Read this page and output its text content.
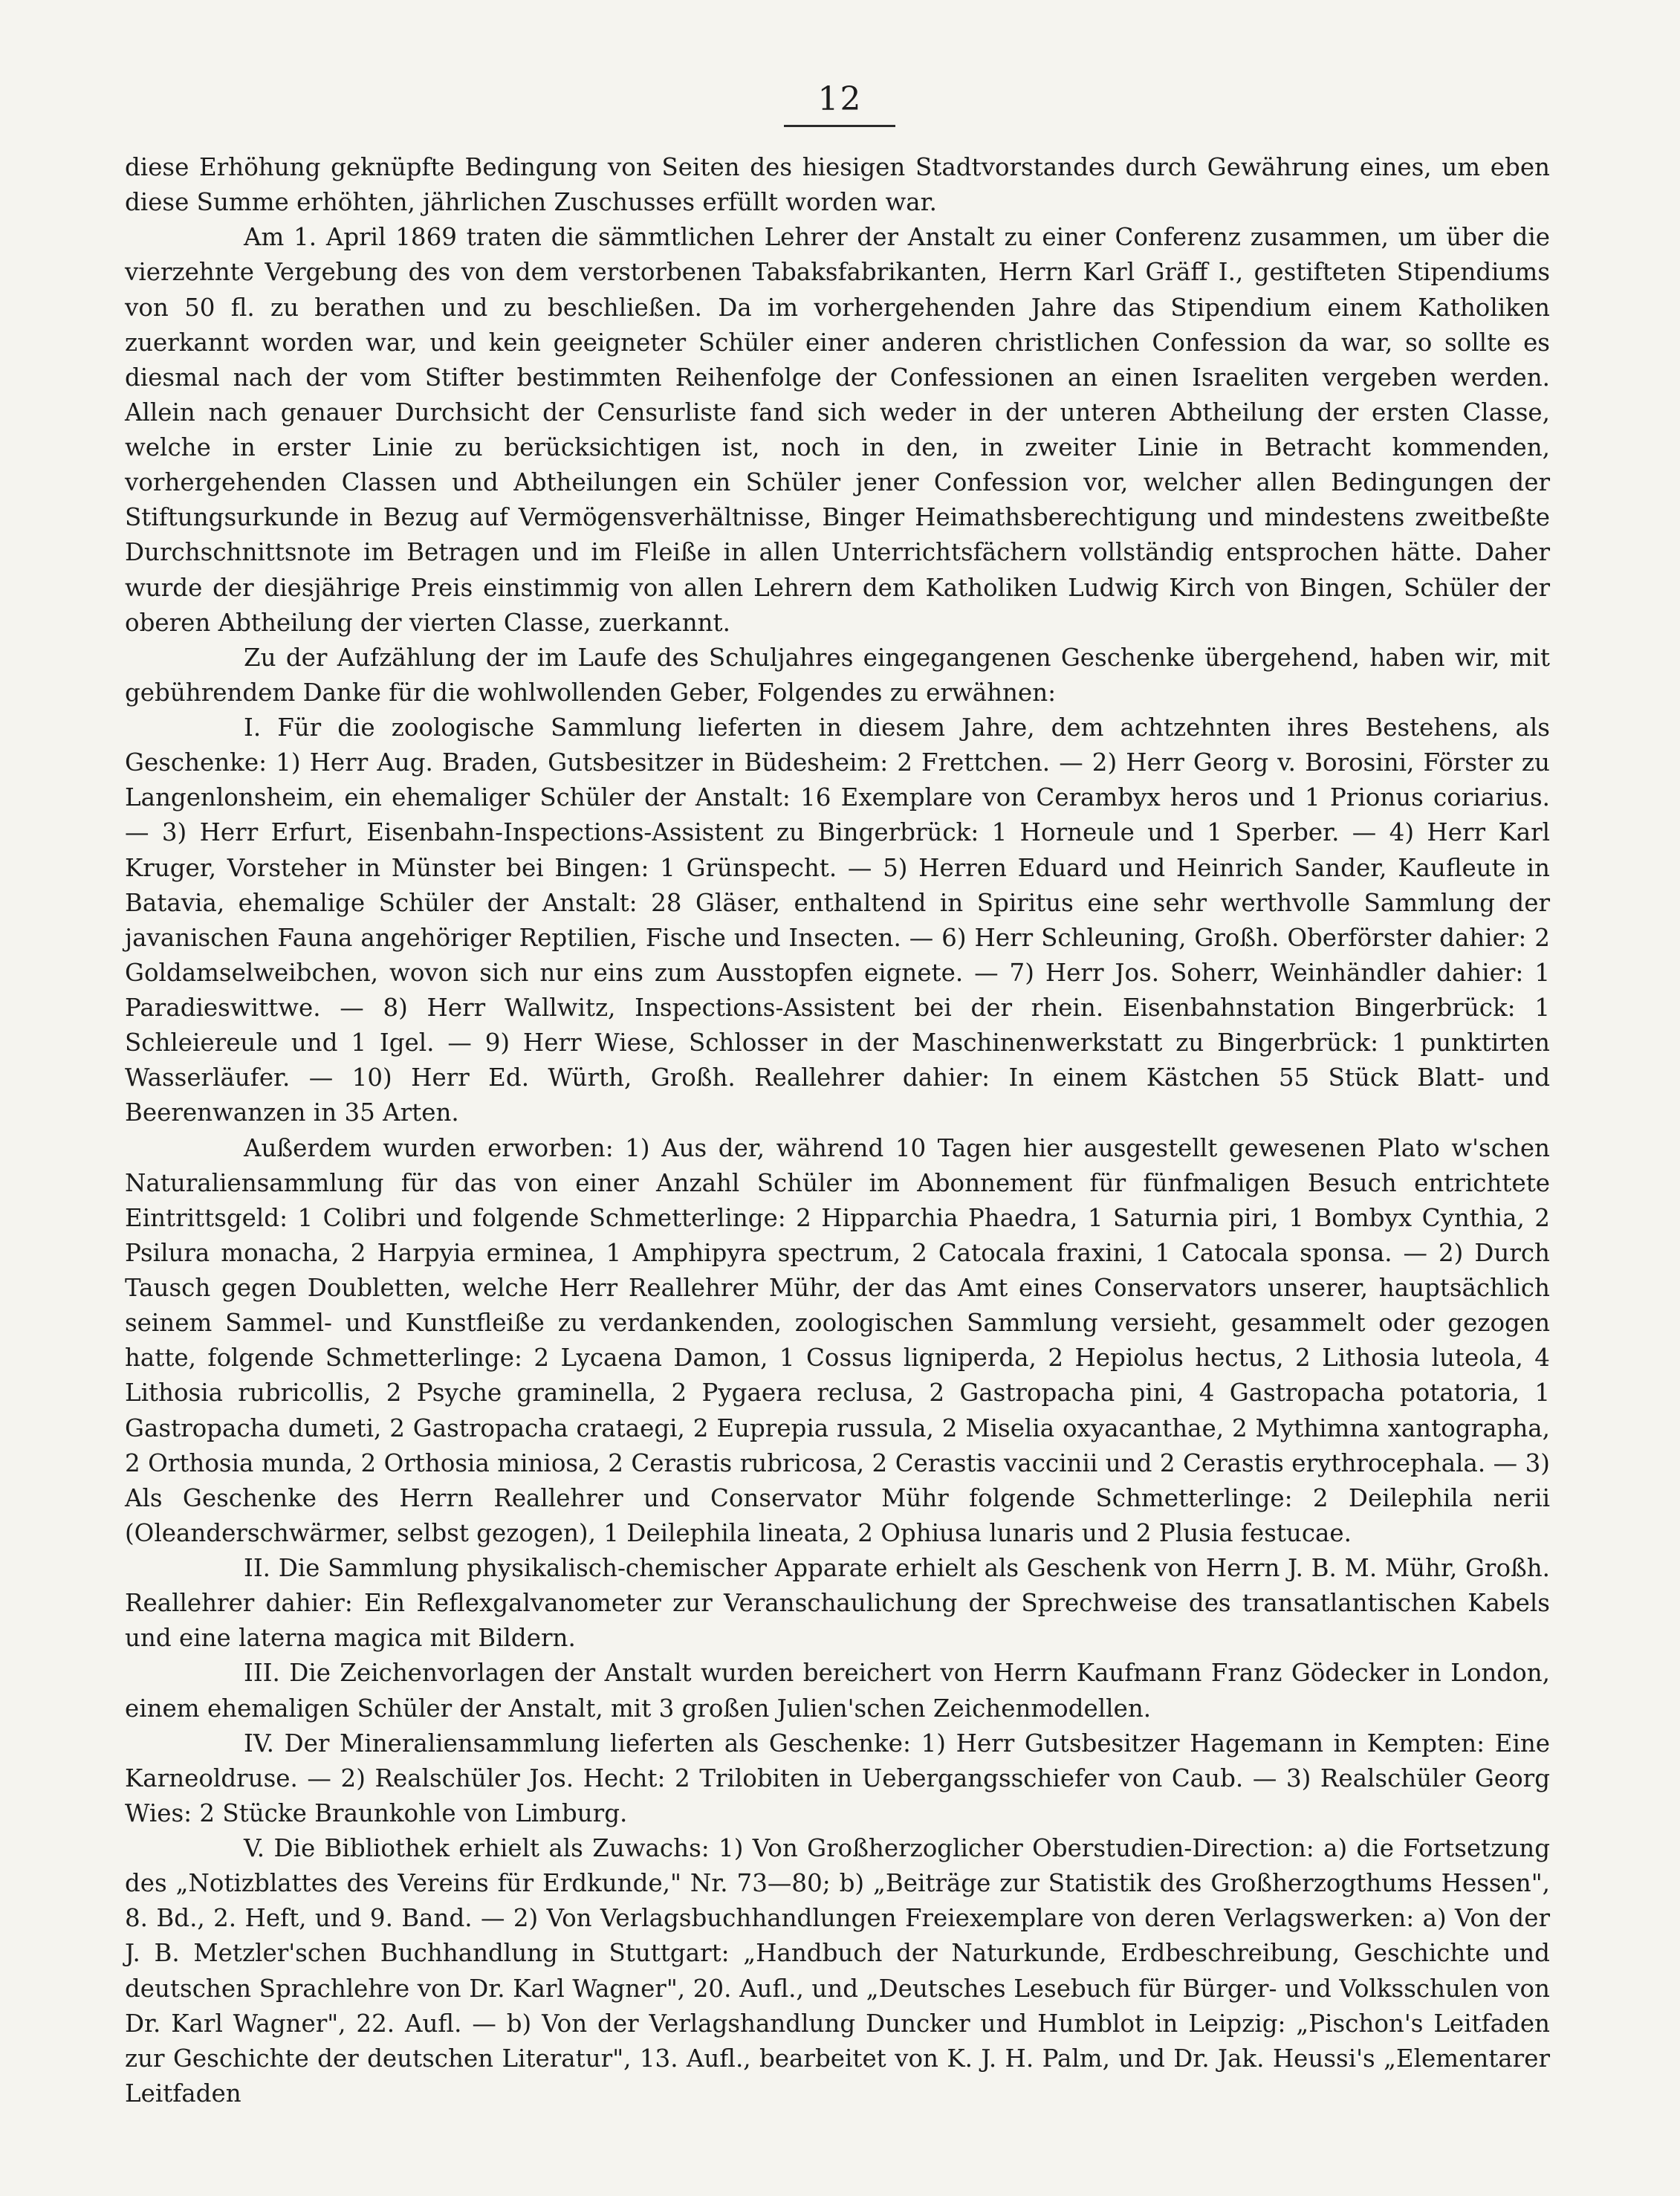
12

diese Erhöhung geknüpfte Bedingung von Seiten des hiesigen Stadtvorstandes durch Gewährung eines, um eben diese Summe erhöhten, jährlichen Zuschusses erfüllt worden war.

Am 1. April 1869 traten die sämmtlichen Lehrer der Anstalt zu einer Conferenz zusammen, um über die vierzehnte Vergebung des von dem verstorbenen Tabaksfabrikanten, Herrn Karl Gräff I., gestifteten Stipendiums von 50 fl. zu berathen und zu beschließen. Da im vorhergehenden Jahre das Stipendium einem Katholiken zuerkannt worden war, und kein geeigneter Schüler einer anderen christlichen Confession da war, so sollte es diesmal nach der vom Stifter bestimmten Reihenfolge der Confessionen an einen Israeliten vergeben werden. Allein nach genauer Durchsicht der Censurliste fand sich weder in der unteren Abtheilung der ersten Classe, welche in erster Linie zu berücksichtigen ist, noch in den, in zweiter Linie in Betracht kommenden, vorhergehenden Classen und Abtheilungen ein Schüler jener Confession vor, welcher allen Bedingungen der Stiftungsurkunde in Bezug auf Vermögensverhältnisse, Binger Heimathsberechtigung und mindestens zweitbeßte Durchschnittsnote im Betragen und im Fleiße in allen Unterrichtsfächern vollständig entsprochen hätte. Daher wurde der diesjährige Preis einstimmig von allen Lehrern dem Katholiken Ludwig Kirch von Bingen, Schüler der oberen Abtheilung der vierten Classe, zuerkannt.

Zu der Aufzählung der im Laufe des Schuljahres eingegangenen Geschenke übergehend, haben wir, mit gebührendem Danke für die wohlwollenden Geber, Folgendes zu erwähnen:

I. Für die zoologische Sammlung lieferten in diesem Jahre, dem achtzehnten ihres Bestehens, als Geschenke: 1) Herr Aug. Braden, Gutsbesitzer in Büdesheim: 2 Frettchen. — 2) Herr Georg v. Borosini, Förster zu Langenlonsheim, ein ehemaliger Schüler der Anstalt: 16 Exemplare von Cerambyx heros und 1 Prionus coriarius. — 3) Herr Erfurt, Eisenbahn-Inspections-Assistent zu Bingerbrück: 1 Horneule und 1 Sperber. — 4) Herr Karl Kruger, Vorsteher in Münster bei Bingen: 1 Grünspecht. — 5) Herren Eduard und Heinrich Sander, Kaufleute in Batavia, ehemalige Schüler der Anstalt: 28 Gläser, enthaltend in Spiritus eine sehr werthvolle Sammlung der javanischen Fauna angehöriger Reptilien, Fische und Insecten. — 6) Herr Schleuning, Großh. Oberförster dahier: 2 Goldamselweibchen, wovon sich nur eins zum Ausstopfen eignete. — 7) Herr Jos. Soherr, Weinhändler dahier: 1 Paradieswittwe. — 8) Herr Wallwitz, Inspections-Assistent bei der rhein. Eisenbahnstation Bingerbrück: 1 Schleiereule und 1 Igel. — 9) Herr Wiese, Schlosser in der Maschinenwerkstatt zu Bingerbrück: 1 punktirten Wasserläufer. — 10) Herr Ed. Würth, Großh. Reallehrer dahier: In einem Kästchen 55 Stück Blatt- und Beerenwanzen in 35 Arten.

Außerdem wurden erworben: 1) Aus der, während 10 Tagen hier ausgestellt gewesenen Plato w'schen Naturaliensammlung für das von einer Anzahl Schüler im Abonnement für fünfmaligen Besuch entrichtete Eintrittsgeld: 1 Colibri und folgende Schmetterlinge: 2 Hipparchia Phaedra, 1 Saturnia piri, 1 Bombyx Cynthia, 2 Psilura monacha, 2 Harpyia erminea, 1 Amphipyra spectrum, 2 Catocala fraxini, 1 Catocala sponsa. — 2) Durch Tausch gegen Doubletten, welche Herr Reallehrer Mühr, der das Amt eines Conservators unserer, hauptsächlich seinem Sammel- und Kunstfleiße zu verdankenden, zoologischen Sammlung versieht, gesammelt oder gezogen hatte, folgende Schmetterlinge: 2 Lycaena Damon, 1 Cossus ligniperda, 2 Hepiolus hectus, 2 Lithosia luteola, 4 Lithosia rubricollis, 2 Psyche graminella, 2 Pygaera reclusa, 2 Gastropacha pini, 4 Gastropacha potatoria, 1 Gastropacha dumeti, 2 Gastropacha crataegi, 2 Euprepia russula, 2 Miselia oxyacanthae, 2 Mythimna xantographa, 2 Orthosia munda, 2 Orthosia miniosa, 2 Cerastis rubricosa, 2 Cerastis vaccinii und 2 Cerastis erythrocephala. — 3) Als Geschenke des Herrn Reallehrer und Conservator Mühr folgende Schmetterlinge: 2 Deilephila nerii (Oleanderschwärmer, selbst gezogen), 1 Deilephila lineata, 2 Ophiusa lunaris und 2 Plusia festucae.

II. Die Sammlung physikalisch-chemischer Apparate erhielt als Geschenk von Herrn J. B. M. Mühr, Großh. Reallehrer dahier: Ein Reflexgalvanometer zur Veranschaulichung der Sprechweise des transatlantischen Kabels und eine laterna magica mit Bildern.

III. Die Zeichenvorlagen der Anstalt wurden bereichert von Herrn Kaufmann Franz Gödecker in London, einem ehemaligen Schüler der Anstalt, mit 3 großen Julien'schen Zeichenmodellen.

IV. Der Mineraliensammlung lieferten als Geschenke: 1) Herr Gutsbesitzer Hagemann in Kempten: Eine Karneoldruse. — 2) Realschüler Jos. Hecht: 2 Trilobiten in Uebergangsschiefer von Caub. — 3) Realschüler Georg Wies: 2 Stücke Braunkohle von Limburg.

V. Die Bibliothek erhielt als Zuwachs: 1) Von Großherzoglicher Oberstudien-Direction: a) die Fortsetzung des „Notizblattes des Vereins für Erdkunde," Nr. 73—80; b) „Beiträge zur Statistik des Großherzogthums Hessen", 8. Bd., 2. Heft, und 9. Band. — 2) Von Verlagsbuchhandlungen Freiexemplare von deren Verlagswerken: a) Von der J. B. Metzler'schen Buchhandlung in Stuttgart: „Handbuch der Naturkunde, Erdbeschreibung, Geschichte und deutschen Sprachlehre von Dr. Karl Wagner", 20. Aufl., und „Deutsches Lesebuch für Bürger- und Volksschulen von Dr. Karl Wagner", 22. Aufl. — b) Von der Verlagshandlung Duncker und Humblot in Leipzig: „Pischon's Leitfaden zur Geschichte der deutschen Literatur", 13. Aufl., bearbeitet von K. J. H. Palm, und Dr. Jak. Heussi's „Elementarer Leitfaden
